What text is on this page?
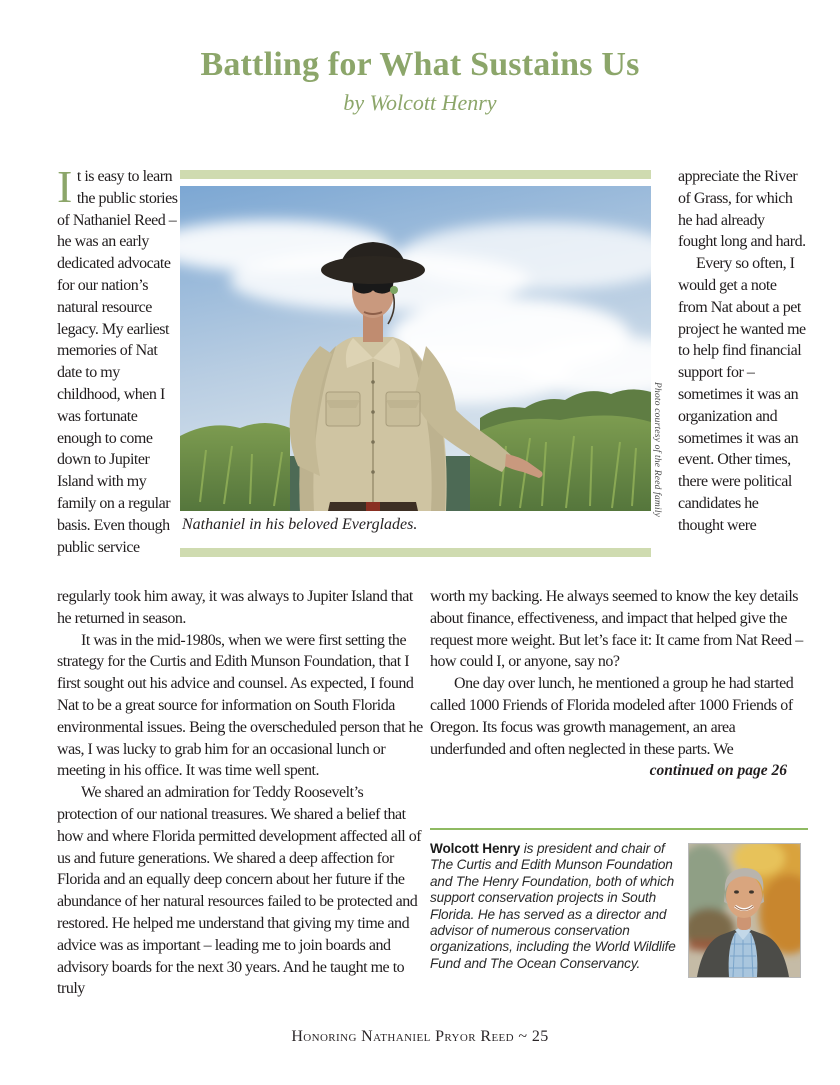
Battling for What Sustains Us
by Wolcott Henry

It is easy to learn the public stories of Nathaniel Reed – he was an early dedicated advocate for our nation’s natural resource legacy. My earliest memories of Nat date to my childhood, when I was fortunate enough to come down to Jupiter Island with my family on a regular basis. Even though public service

Photo courtesy of the Reed family
Nathaniel in his beloved Everglades.

appreciate the River of Grass, for which he had already fought long and hard.

Every so often, I would get a note from Nat about a pet project he wanted me to help find financial support for – sometimes it was an organization and sometimes it was an event. Other times, there were political candidates he thought were

regularly took him away, it was always to Jupiter Island that he returned in season.

It was in the mid-1980s, when we were first setting the strategy for the Curtis and Edith Munson Foundation, that I first sought out his advice and counsel. As expected, I found Nat to be a great source for information on South Florida environmental issues. Being the overscheduled person that he was, I was lucky to grab him for an occasional lunch or meeting in his office. It was time well spent.

We shared an admiration for Teddy Roosevelt’s protection of our national treasures. We shared a belief that how and where Florida permitted development affected all of us and future generations. We shared a deep affection for Florida and an equally deep concern about her future if the abundance of her natural resources failed to be protected and restored. He helped me understand that giving my time and advice was as important – leading me to join boards and advisory boards for the next 30 years. And he taught me to truly

worth my backing. He always seemed to know the key details about finance, effectiveness, and impact that helped give the request more weight. But let’s face it: It came from Nat Reed – how could I, or anyone, say no?

One day over lunch, he mentioned a group he had started called 1000 Friends of Florida modeled after 1000 Friends of Oregon. Its focus was growth management, an area underfunded and often neglected in these parts. We

continued on page 26
Wolcott Henry is president and chair of The Curtis and Edith Munson Foundation and The Henry Foundation, both of which support conservation projects in South Florida. He has served as a director and advisor of numerous conservation organizations, including the World Wildlife Fund and The Ocean Conservancy.
Honoring Nathaniel Pryor Reed ~ 25
